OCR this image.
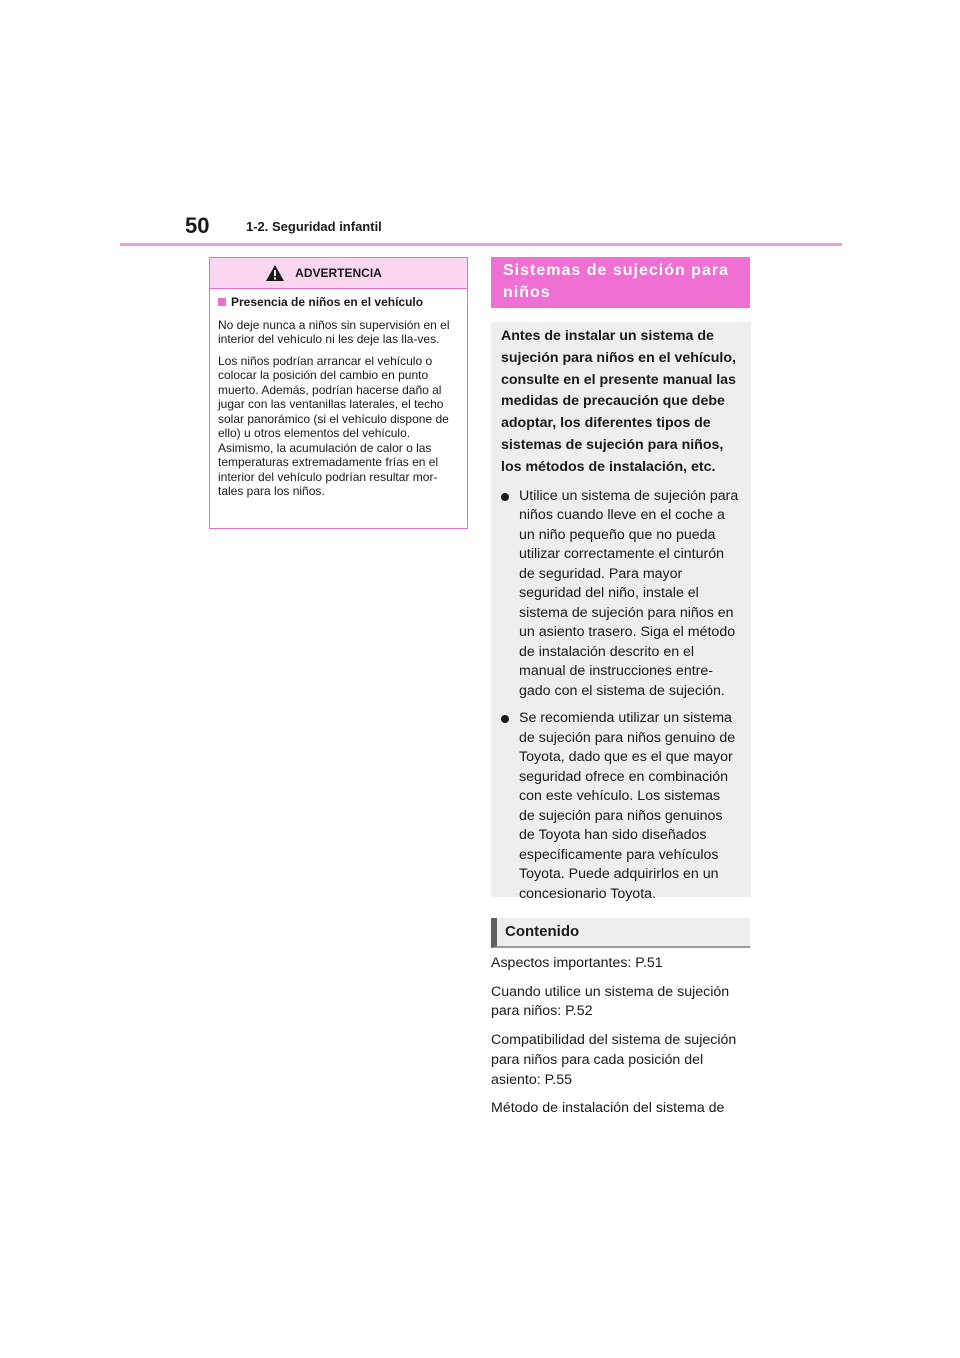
50	1-2. Seguridad infantil
ADVERTENCIA
Presencia de niños en el vehículo

No deje nunca a niños sin supervisión en el interior del vehículo ni les deje las lla-ves.

Los niños podrían arrancar el vehículo o colocar la posición del cambio en punto muerto. Además, podrían hacerse daño al jugar con las ventanillas laterales, el techo solar panorámico (si el vehículo dispone de ello) u otros elementos del vehículo. Asimismo, la acumulación de calor o las temperaturas extremadamente frías en el interior del vehículo podrían resultar mor-tales para los niños.

Sistemas de sujeción para niños

Antes de instalar un sistema de sujeción para niños en el vehículo, consulte en el presente manual las medidas de precaución que debe adoptar, los diferentes tipos de sistemas de sujeción para niños, los métodos de instalación, etc.

Utilice un sistema de sujeción para niños cuando lleve en el coche a un niño pequeño que no pueda utilizar correctamente el cinturón de seguridad. Para mayor seguridad del niño, instale el sistema de sujeción para niños en un asiento trasero. Siga el método de instalación descrito en el manual de instrucciones entre-gado con el sistema de sujeción.
Se recomienda utilizar un sistema de sujeción para niños genuino de Toyota, dado que es el que mayor seguridad ofrece en combinación con este vehículo. Los sistemas de sujeción para niños genuinos de Toyota han sido diseñados específicamente para vehículos Toyota. Puede adquirirlos en un concesionario Toyota.
Contenido

Aspectos importantes: P.51

Cuando utilice un sistema de sujeción para niños: P.52

Compatibilidad del sistema de sujeción para niños para cada posición del asiento: P.55

Método de instalación del sistema de
